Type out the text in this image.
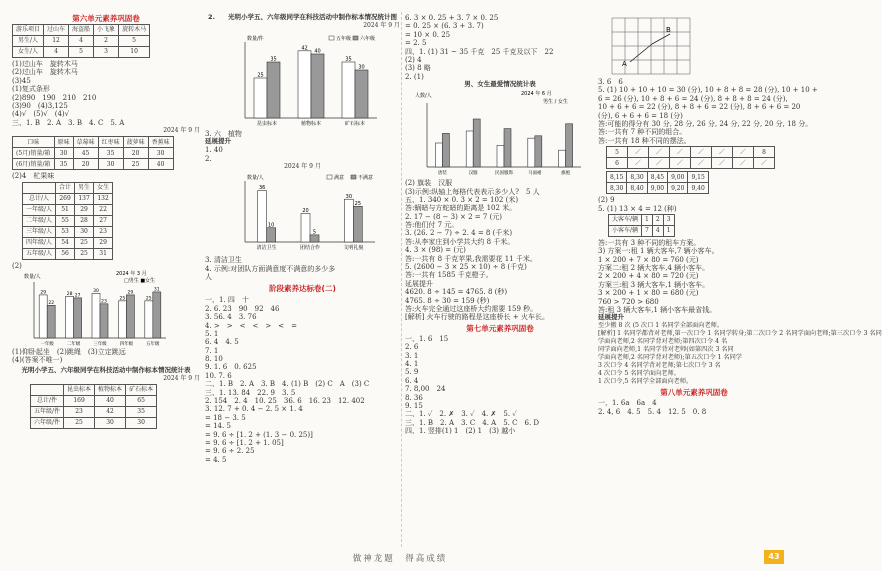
第六单元素养巩固卷
游乐项目	过山车	海盗船	小飞象	旋转木马
男生/人	12	4	2	5
女生/人	4	5	3	10
(1)过山车　旋转木马
(2)过山车　旋转木马
(3)45
(1)复式条形
(2)890　190　210　210
(3)90　(4)3,125
(4)√　(5)√　(4)√
三、1. B　2. A　3. B　4. C　5. A
2024 年 9 月
口味	原味	草莓味	红枣味	菠萝味	香蕉味
(5月)销量/箱	30	45	35	20	30
(6月)销量/箱	35	20	30	25	40
(2)4　杧果味
	合计	男生	女生
总计/人	269	137	132
一年级/人	51	29	22
二年级/人	55	28	27
三年级/人	53	30	23
四年级/人	54	25	29
五年级/人	56	25	31
(2)
数量/人	2024 年 3 月
□男生 ■女生
一年级
29
22
二年级
28 27
三年级
30
23
四年级
25
29
五年级
25
31
(1)仰卧起坐　(2)跳绳　(3)立定跳远
(4)(答案不唯一)
光明小学五、六年级同学在科技活动中制作标本情况统计表
2024 年 9 月
	昆虫标本	植物标本	矿石标本
总计/件	169	40	65
五年级/件	23	42	35
六年级/件	25	30	30
2.　　光明小学五、六年级同学在科技活动中制作标本情况统计图
2024 年 9 月
昆虫标本
25
35
植物标本
42
40
矿石标本
35
30
数量/件	五年级 六年级
3. 六　植物
延展提升
1. 40
2.
2024 年 9 月
清洁卫生
36
10
团结合作
20
5
文明礼貌
30
25
数量/人	满意	不满意
3. 清洁卫生
4. 示例:对团队方面满意度不满意的多少多
人
阶段素养达标卷(二)
一、1. 四　十
2. 6. 23　90　92　46
3. 56. 4　3. 76
4. >　>　<　<　>　<　=
5. 1
6. 4　4. 5
7. 1
8. 10
9. 1. 6　0. 625
10. 7. 6
二、1. B　2. A　3. B　4. (1) B　(2) C　A　(3) C
三、1. 13. 84　22. 9　3. 5
2. 154　2. 4　10. 25　36. 6　16. 23　12. 402
3. 12. 7 + 0. 4 − 2. 5 × 1. 4
= 18 − 3. 5
= 14. 5
= 9. 6 ÷ [1. 2 + (1. 3 − 0. 25)]
= 9. 6 ÷ [1. 2 + 1. 05]
= 9. 6 ÷ 2. 25
= 4. 5
6. 3 × 0. 25 + 3. 7 × 0. 25
= 0. 25 × (6. 3 + 3. 7)
= 10 × 0. 25
= 2. 5
四、1. (1) 31 ~ 35 千克　25 千克及以下　22
(2) 4
(3) 8 略
2. (1)
男、女生最爱情况统计表
人数/人	2024 年 6 月
男生 / 女生
唐装	汉服	民国服饰	马面裙	旗袍
(2) 旗装　汉服
(3)示例:纵轴上每格代表表示多少人?　5 人
五、1. 340 × 0. 3 × 2 = 102 (米)
答:蜗暗与方蛇暗的距离是 102 米。
2. 17 − (8 − 3) × 2 = 7 (元)
答:他们付 7 元。
3. (26. 2 − 7) ÷ 2. 4 = 8 (千米)
答:从李家庄到小学共大约 8 千米。
4. 3 × (98) = (元)
答:一共有 8 千克苹果,我需要花 11 千米。
5. (2600 − 3 × 25 × 10) ÷ 8 (千克)
答:一共有 1585 千克橙子。
延展提升
4620. 8 ÷ 145 = 4765. 8 (秒)
4765. 8 ÷ 30 = 159 (秒)
答:火车完全通过这座桥大约需要 159 秒。
[解析] 火车行驶的路程是这座桥长 + 火车长。
第七单元素养巩固卷
一、1. 6　15
2. 6
3. 1
4. 1
5. 9
6. 4
7. 8,00　24
8. 36
9. 15
二、1. ✓　2. ✗　3. ✓　4. ✗　5. ✓
三、1. B　2. A　3. C　4. A　5. C　6. D
四、1. 竖排(1) 1　(2) 1　(3) 越小
A
B
3. 6　6
5. (1) 10 + 10 + 10 = 30 (分), 10 + 8 + 8 = 28 (分), 10 + 10 +
6 = 26 (分), 10 + 8 + 6 = 24 (分), 8 + 8 + 8 = 24 (分),
10 + 6 + 6 = 22 (分), 8 + 8 + 6 = 22 (分), 8 + 6 + 6 = 20
(分), 6 + 6 + 6 = 18 (分)
答:可能的得分有 30 分, 28 分, 26 分, 24 分, 22 分, 20 分, 18 分。
答:一共有 7 种不同的组合。
答:一共有 18 种不同的摆法。
5	／	／	／	／	／	／	8
6	／	／	／	／	／	／	／
8,15	8,30	8,45	9,00	9,15
8,30	8,40	9,00	9,20	9,40
(2) 9
5. (1) 13 × 4 = 12 (种)
大客车/辆	1	2	3
小客车/辆	7	4	1
答:一共有 3 种不同的租车方案。
3) 方案一:租 1 辆大客车,7 辆小客车。
1 × 200 + 7 × 80 = 760 (元)
方案二:租 2 辆大客车,4 辆小客车。
2 × 200 + 4 × 80 = 720 (元)
方案三:租 3 辆大客车,1 辆小客车。
3 × 200 + 1 × 80 = 680 (元)
760 > 720 > 680
答:租 3 辆大客车,1 辆小客车最省钱。
延展提升
至少搬 8 次 (5 次口 1 名同学全部面向老师。
[解析] 1 名同学都背对老师,第一次口令 1 名同学转身;第二次口令 2 名同学面向老师;第三次口令 3 名同
学面向老师,2 名同学背对老师;第四次口令 4 名
同学面向老师,1 名同学背对老师(如第四次 3 名同
学面向老师,2 名同学背对老师);第五次口令 1 名同学
3 次口令 4 名同学背对老师;第七次口令 3 名
4 次口令 5 名同学面向老师。
1 次口令,5 名同学全部面向老师。
第八单元素养巩固卷
一、1. 6a　6a　4
2. 4, 6　4. 5　5. 4　12. 5　0. 8
做神龙题　得高成绩	43
